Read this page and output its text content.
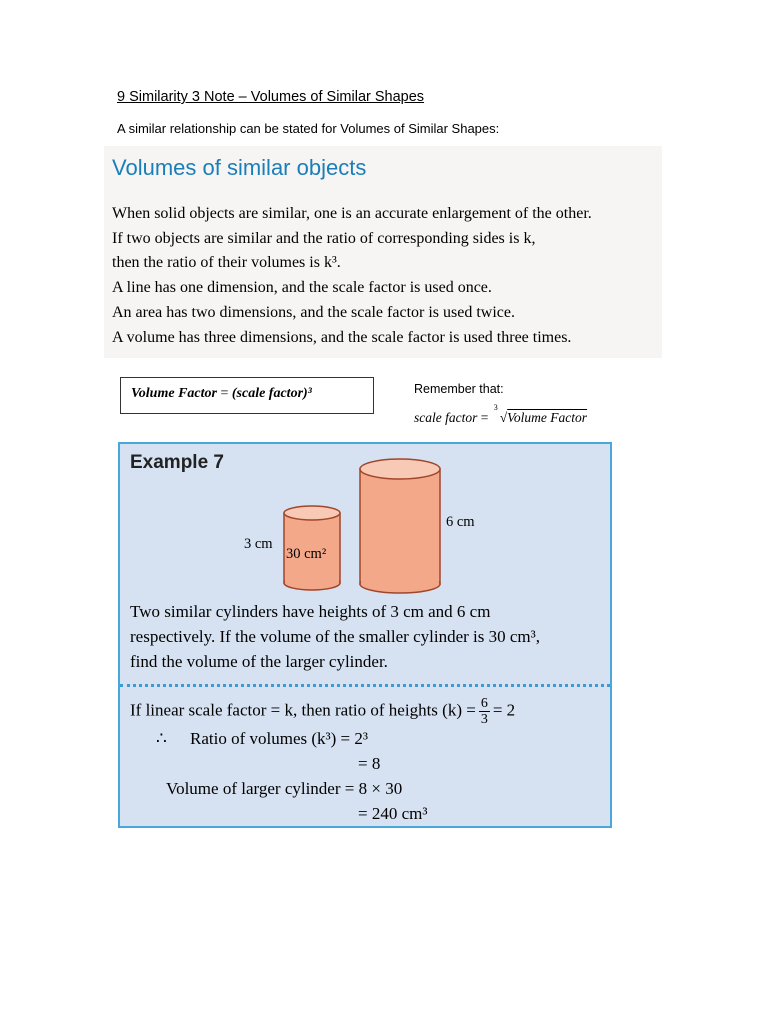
9 Similarity 3 Note – Volumes of Similar Shapes
A similar relationship can be stated for Volumes of Similar Shapes:
Volumes of similar objects
When solid objects are similar, one is an accurate enlargement of the other.
If two objects are similar and the ratio of corresponding sides is k,
then the ratio of their volumes is k³.
A line has one dimension, and the scale factor is used once.
An area has two dimensions, and the scale factor is used twice.
A volume has three dimensions, and the scale factor is used three times.
Volume Factor = (scale factor)³	Remember that:
scale factor =
3
√Volume Factor
Example 7
3 cm
30 cm²
6 cm
Two similar cylinders have heights of 3 cm and 6 cm
respectively. If the volume of the smaller cylinder is 30 cm³,
find the volume of the larger cylinder.
If linear scale factor = k, then ratio of heights $(k) = \frac{6}{3} = 2$
∴ Ratio of volumes (k³) = 2³
= 8
Volume of larger cylinder = 8 × 30
= 240 cm³
